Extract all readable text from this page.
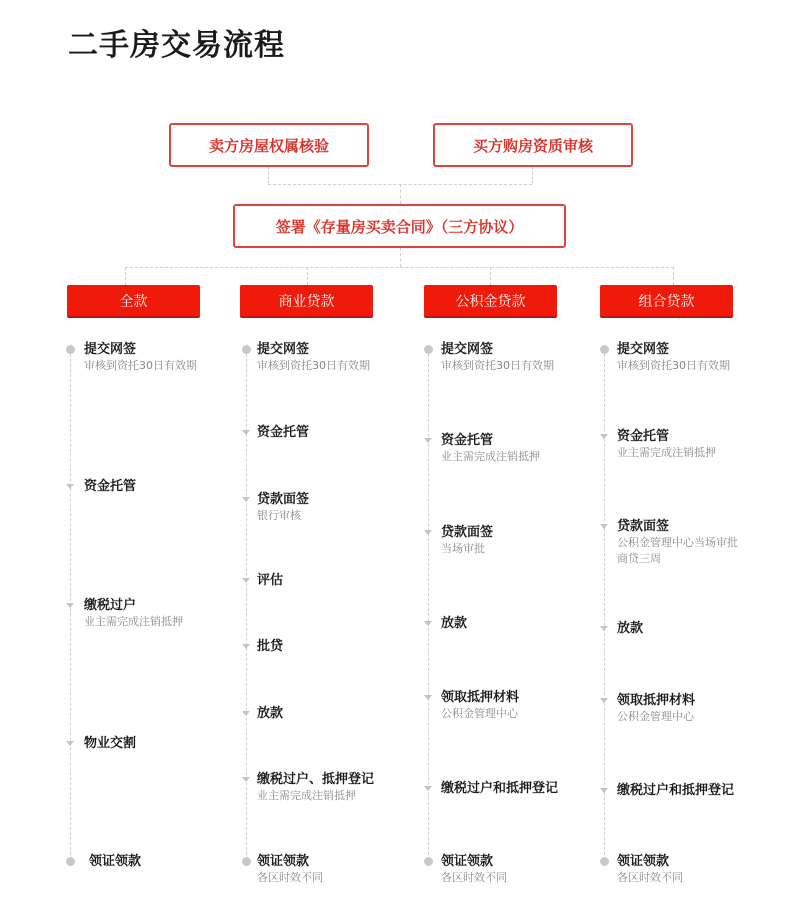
二手房交易流程
卖方房屋权属核验	买方购房资质审核
签署《存量房买卖合同》（三方协议）
全款	商业贷款	公积金贷款	组合贷款
提交网签
审核到资托30日有效期
资金托管
缴税过户
业主需完成注销抵押
物业交割
领证领款
提交网签
审核到资托30日有效期
资金托管
贷款面签
银行审核
评估
批贷
放款
缴税过户、抵押登记
业主需完成注销抵押
领证领款
各区时效不同
提交网签
审核到资托30日有效期
资金托管
业主需完成注销抵押
贷款面签
当场审批
放款
领取抵押材料
公积金管理中心
缴税过户和抵押登记
领证领款
各区时效不同
提交网签
审核到资托30日有效期
资金托管
业主需完成注销抵押
贷款面签
公积金管理中心当场审批
商贷三周
放款
领取抵押材料
公积金管理中心
缴税过户和抵押登记
领证领款
各区时效不同
